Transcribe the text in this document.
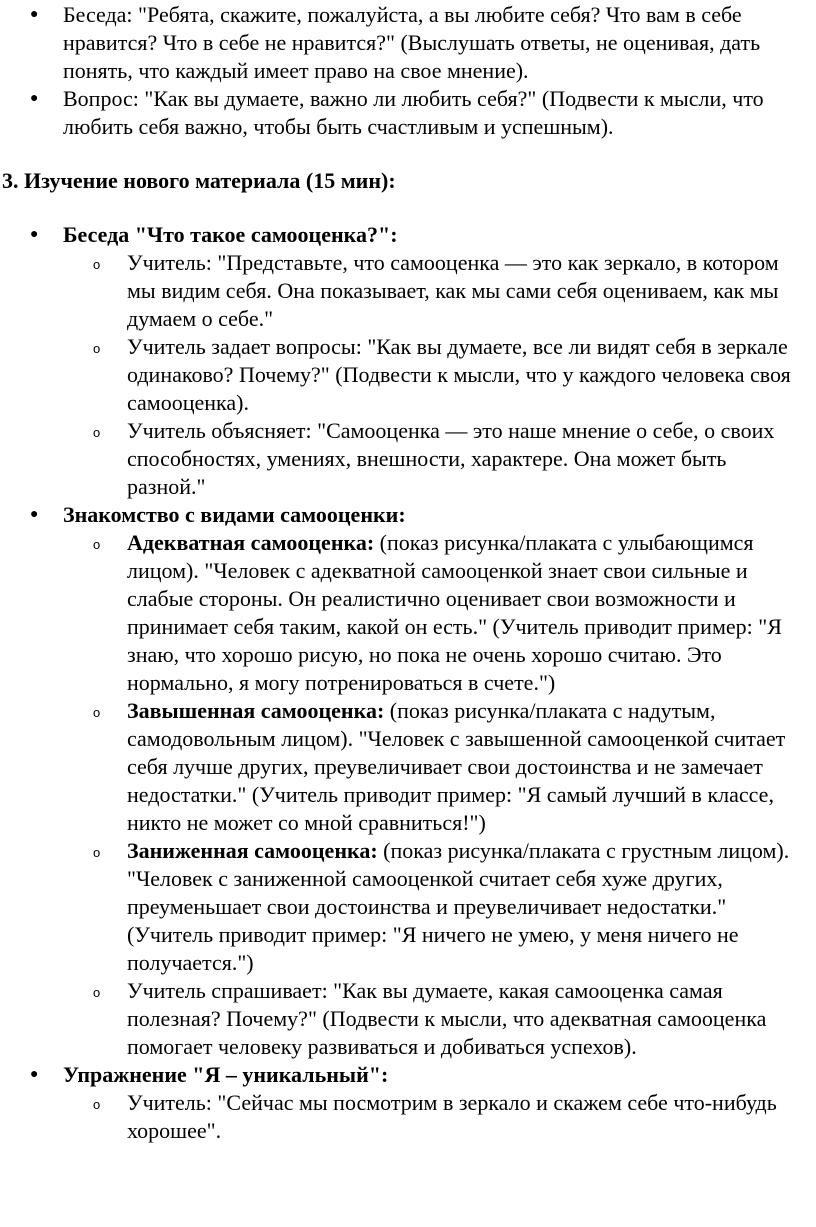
● Беседа: "Ребята, скажите, пожалуйста, а вы любите себя? Что вам в себе нравится? Что в себе не нравится?" (Выслушать ответы, не оценивая, дать понять, что каждый имеет право на свое мнение).
● Вопрос: "Как вы думаете, важно ли любить себя?" (Подвести к мысли, что любить себя важно, чтобы быть счастливым и успешным).
3. Изучение нового материала (15 мин):
● Беседа "Что такое самооценка?":
o Учитель: "Представьте, что самооценка — это как зеркало, в котором мы видим себя. Она показывает, как мы сами себя оцениваем, как мы думаем о себе."
o Учитель задает вопросы: "Как вы думаете, все ли видят себя в зеркале одинаково? Почему?" (Подвести к мысли, что у каждого человека своя самооценка).
o Учитель объясняет: "Самооценка — это наше мнение о себе, о своих способностях, умениях, внешности, характере. Она может быть разной."
● Знакомство с видами самооценки:
o Адекватная самооценка: (показ рисунка/плаката с улыбающимся лицом). "Человек с адекватной самооценкой знает свои сильные и слабые стороны. Он реалистично оценивает свои возможности и принимает себя таким, какой он есть." (Учитель приводит пример: "Я знаю, что хорошо рисую, но пока не очень хорошо считаю. Это нормально, я могу потренироваться в счете.")
o Завышенная самооценка: (показ рисунка/плаката с надутым, самодовольным лицом). "Человек с завышенной самооценкой считает себя лучше других, преувеличивает свои достоинства и не замечает недостатки." (Учитель приводит пример: "Я самый лучший в классе, никто не может со мной сравниться!")
o Заниженная самооценка: (показ рисунка/плаката с грустным лицом). "Человек с заниженной самооценкой считает себя хуже других, преуменьшает свои достоинства и преувеличивает недостатки." (Учитель приводит пример: "Я ничего не умею, у меня ничего не получается.")
o Учитель спрашивает: "Как вы думаете, какая самооценка самая полезная? Почему?" (Подвести к мысли, что адекватная самооценка помогает человеку развиваться и добиваться успехов).
● Упражнение "Я – уникальный":
o Учитель: "Сейчас мы посмотрим в зеркало и скажем себе что-нибудь хорошее".
